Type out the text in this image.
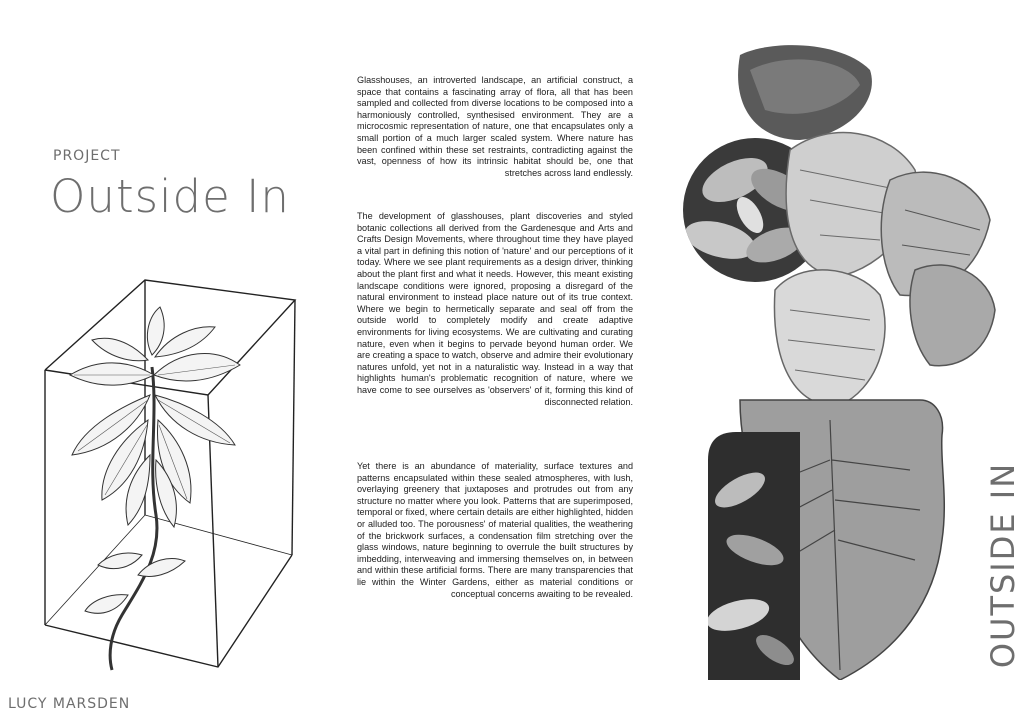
PROJECT
Outside In
Glasshouses, an introverted landscape, an artificial construct, a space that contains a fascinating array of flora, all that has been sampled and collected from diverse locations to be composed into a harmoniously controlled, synthesised environment. They are a microcosmic representation of nature, one that encapsulates only a small portion of a much larger scaled system. Where nature has been confined within these set restraints, contradicting against the vast, openness of how its intrinsic habitat should be, one that stretches across land endlessly.
The development of glasshouses, plant discoveries and styled botanic collections all derived from the Gardenesque and Arts and Crafts Design Movements, where throughout time they have played a vital part in defining this notion of 'nature' and our perceptions of it today. Where we see plant requirements as a design driver, thinking about the plant first and what it needs. However, this meant existing landscape conditions were ignored, proposing a disregard of the natural environment to instead place nature out of its true context. Where we begin to hermetically separate and seal off from the outside world to completely modify and create adaptive environments for living ecosystems. We are cultivating and curating nature, even when it begins to pervade beyond human order. We are creating a space to watch, observe and admire their evolutionary natures unfold, yet not in a naturalistic way. Instead in a way that highlights human's problematic recognition of nature, where we have come to see ourselves as 'observers' of it, forming this kind of disconnected relation.
Yet there is an abundance of materiality, surface textures and patterns encapsulated within these sealed atmospheres, with lush, overlaying greenery that juxtaposes and protrudes out from any structure no matter where you look. Patterns that are superimposed, temporal or fixed, where certain details are either highlighted, hidden or alluded too. The porousness' of material qualities, the weathering of the brickwork surfaces, a condensation film stretching over the glass windows, nature beginning to overrule the built structures by imbedding, interweaving and immersing themselves on, in between and within these artificial forms. There are many transparencies that lie within the Winter Gardens, either as material conditions or conceptual concerns awaiting to be revealed.	OUTSIDE IN
LUCY MARSDEN
